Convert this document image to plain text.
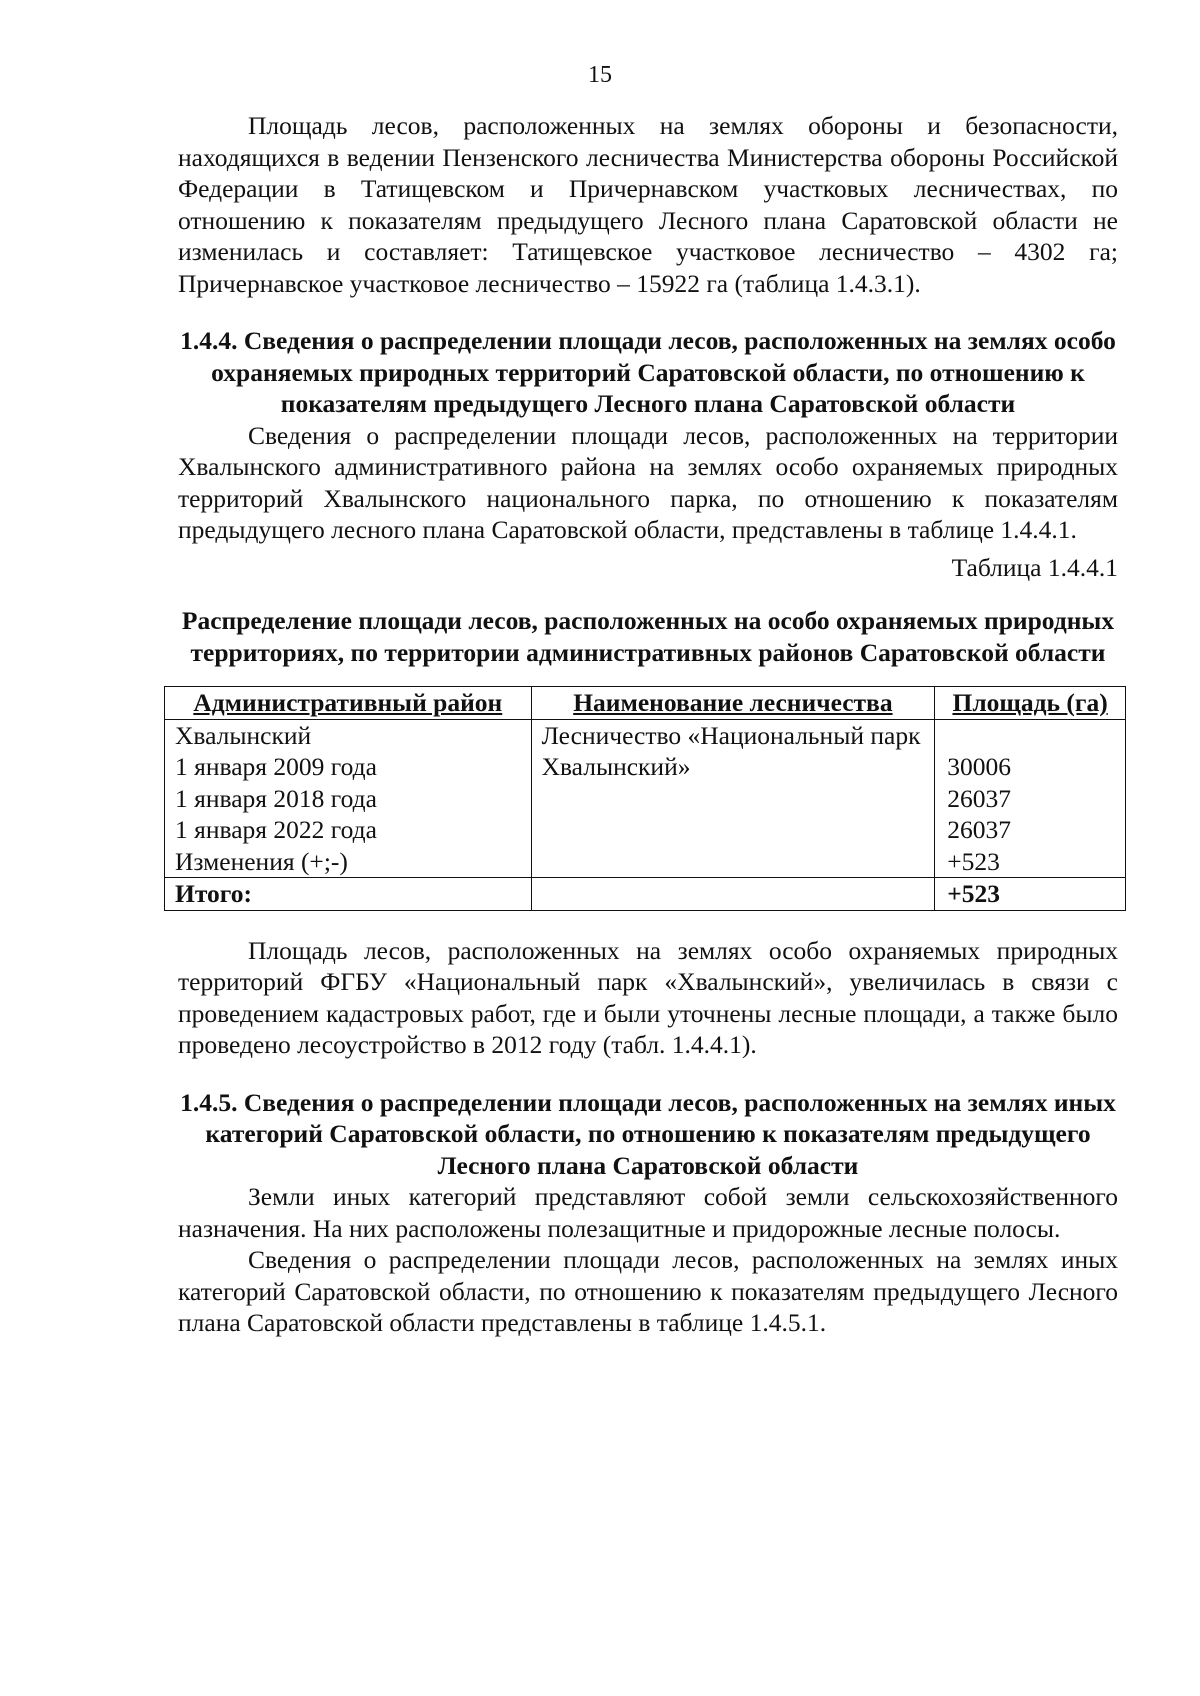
15

Площадь лесов, расположенных на землях обороны и безопасности, находящихся в ведении Пензенского лесничества Министерства обороны Российской Федерации в Татищевском и Причернавском участковых лесничествах, по отношению к показателям предыдущего Лесного плана Саратовской области не изменилась и составляет: Татищевское участковое лесничество – 4302 га; Причернавское участковое лесничество – 15922 га (таблица 1.4.3.1).

1.4.4. Сведения о распределении площади лесов, расположенных на землях особо охраняемых природных территорий Саратовской области, по отношению к показателям предыдущего Лесного плана Саратовской области

Сведения о распределении площади лесов, расположенных на территории Хвалынского административного района на землях особо охраняемых природных территорий Хвалынского национального парка, по отношению к показателям предыдущего лесного плана Саратовской области, представлены в таблице 1.4.4.1.

Таблица 1.4.4.1

Распределение площади лесов, расположенных на особо охраняемых природных территориях, по территории административных районов Саратовской области
Административный район	Наименование лесничества	Площадь (га)
Хвалынский	Лесничество «Национальный парк Хвалынский»	
1 января 2009 года		30006
1 января 2018 года		26037
1 января 2022 года		26037
Изменения (+;-)		+523
Итого:		+523

Площадь лесов, расположенных на землях особо охраняемых природных территорий ФГБУ «Национальный парк «Хвалынский», увеличилась в связи с проведением кадастровых работ, где и были уточнены лесные площади, а также было проведено лесоустройство в 2012 году (табл. 1.4.4.1).

1.4.5. Сведения о распределении площади лесов, расположенных на землях иных категорий Саратовской области, по отношению к показателям предыдущего Лесного плана Саратовской области

Земли иных категорий представляют собой земли сельскохозяйственного назначения. На них расположены полезащитные и придорожные лесные полосы.

Сведения о распределении площади лесов, расположенных на землях иных категорий Саратовской области, по отношению к показателям предыдущего Лесного плана Саратовской области представлены в таблице 1.4.5.1.
